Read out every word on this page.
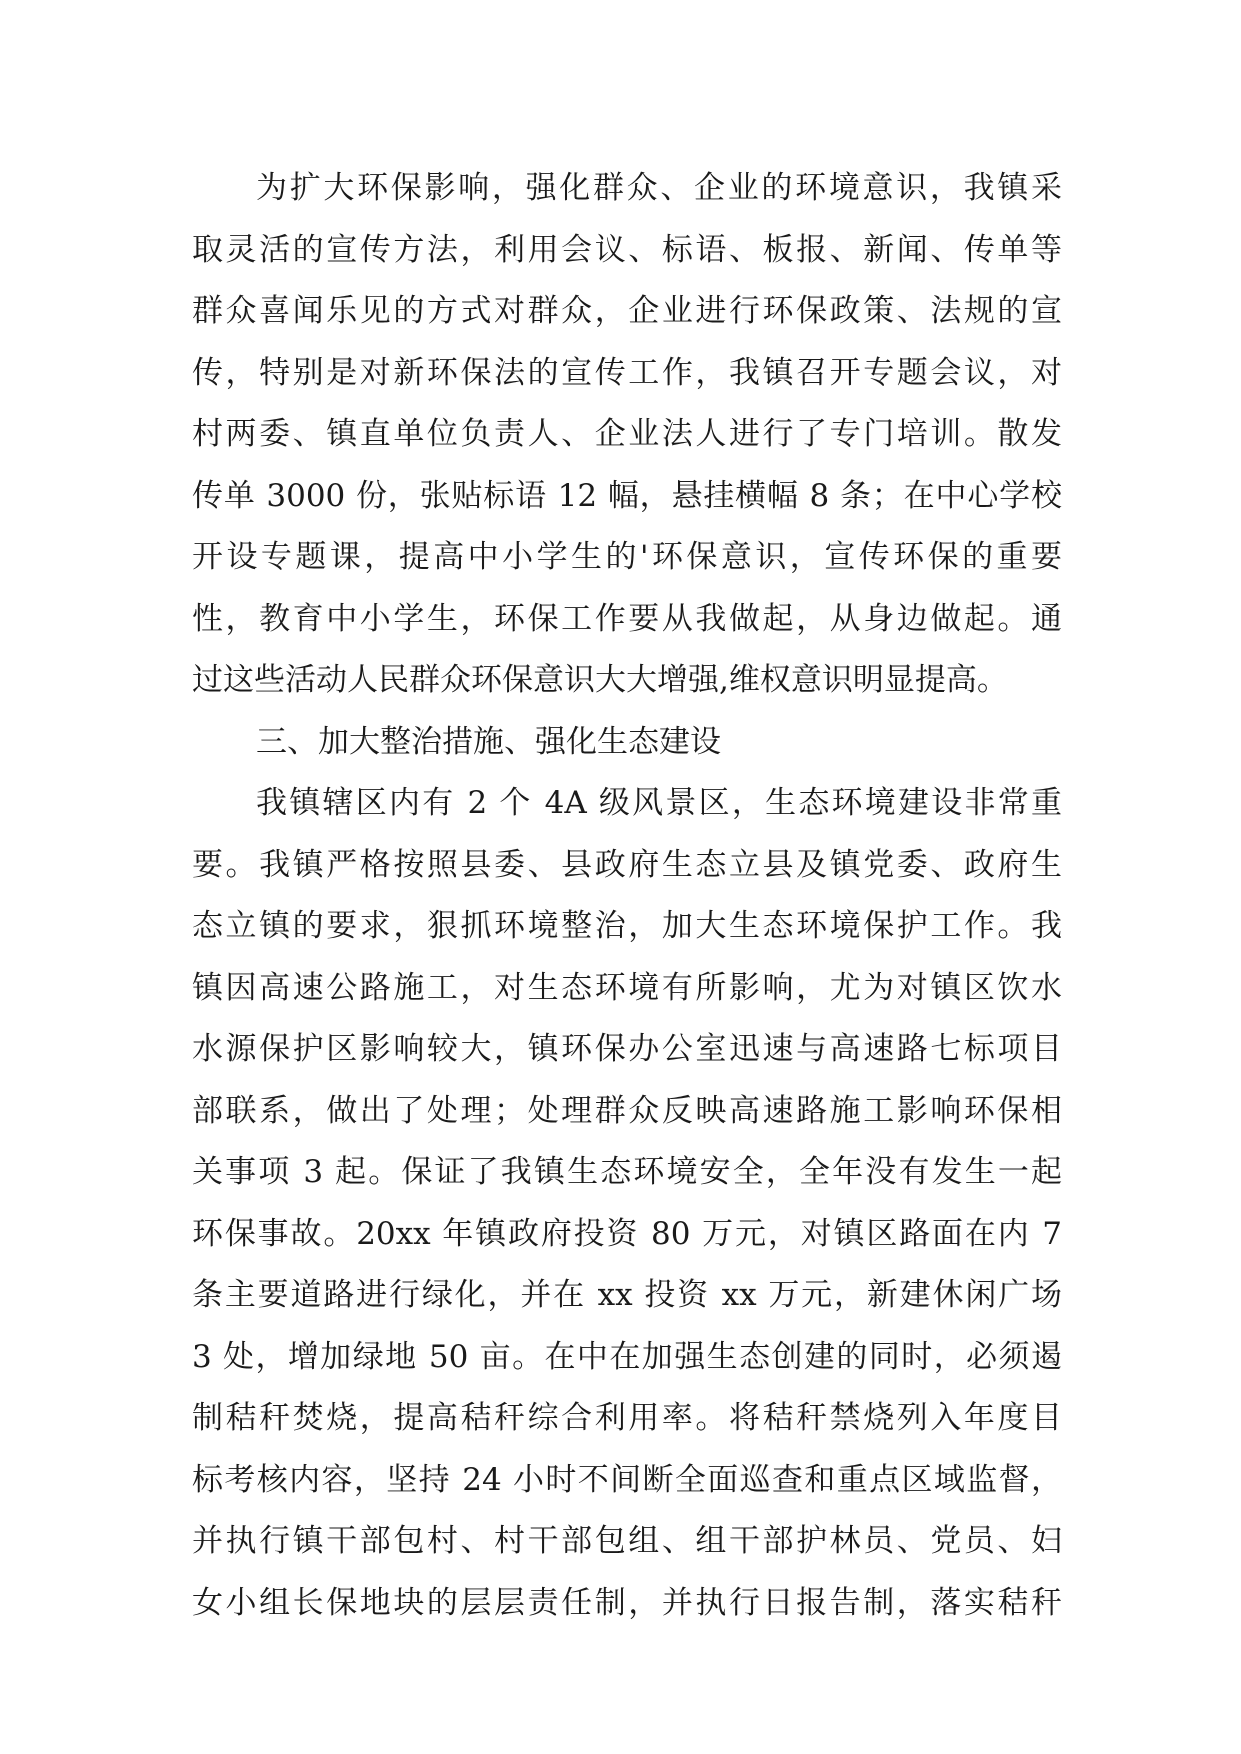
为扩大环保影响，强化群众、企业的环境意识，我镇采
取灵活的宣传方法，利用会议、标语、板报、新闻、传单等
群众喜闻乐见的方式对群众，企业进行环保政策、法规的宣
传，特别是对新环保法的宣传工作，我镇召开专题会议，对
村两委、镇直单位负责人、企业法人进行了专门培训。散发
传单 3000 份，张贴标语 12 幅，悬挂横幅 8 条；在中心学校
开设专题课，提高中小学生的'环保意识，宣传环保的重要
性，教育中小学生，环保工作要从我做起，从身边做起。通
过这些活动人民群众环保意识大大增强,维权意识明显提高。
三、加大整治措施、强化生态建设
我镇辖区内有 2 个 4A 级风景区，生态环境建设非常重
要。我镇严格按照县委、县政府生态立县及镇党委、政府生
态立镇的要求，狠抓环境整治，加大生态环境保护工作。我
镇因高速公路施工，对生态环境有所影响，尤为对镇区饮水
水源保护区影响较大，镇环保办公室迅速与高速路七标项目
部联系，做出了处理；处理群众反映高速路施工影响环保相
关事项 3 起。保证了我镇生态环境安全，全年没有发生一起
环保事故。20xx 年镇政府投资 80 万元，对镇区路面在内 7
条主要道路进行绿化，并在 xx 投资 xx 万元，新建休闲广场
3 处，增加绿地 50 亩。在中在加强生态创建的同时，必须遏
制秸秆焚烧，提高秸秆综合利用率。将秸秆禁烧列入年度目
标考核内容，坚持 24 小时不间断全面巡查和重点区域监督，
并执行镇干部包村、村干部包组、组干部护林员、党员、妇
女小组长保地块的层层责任制，并执行日报告制，落实秸秆
